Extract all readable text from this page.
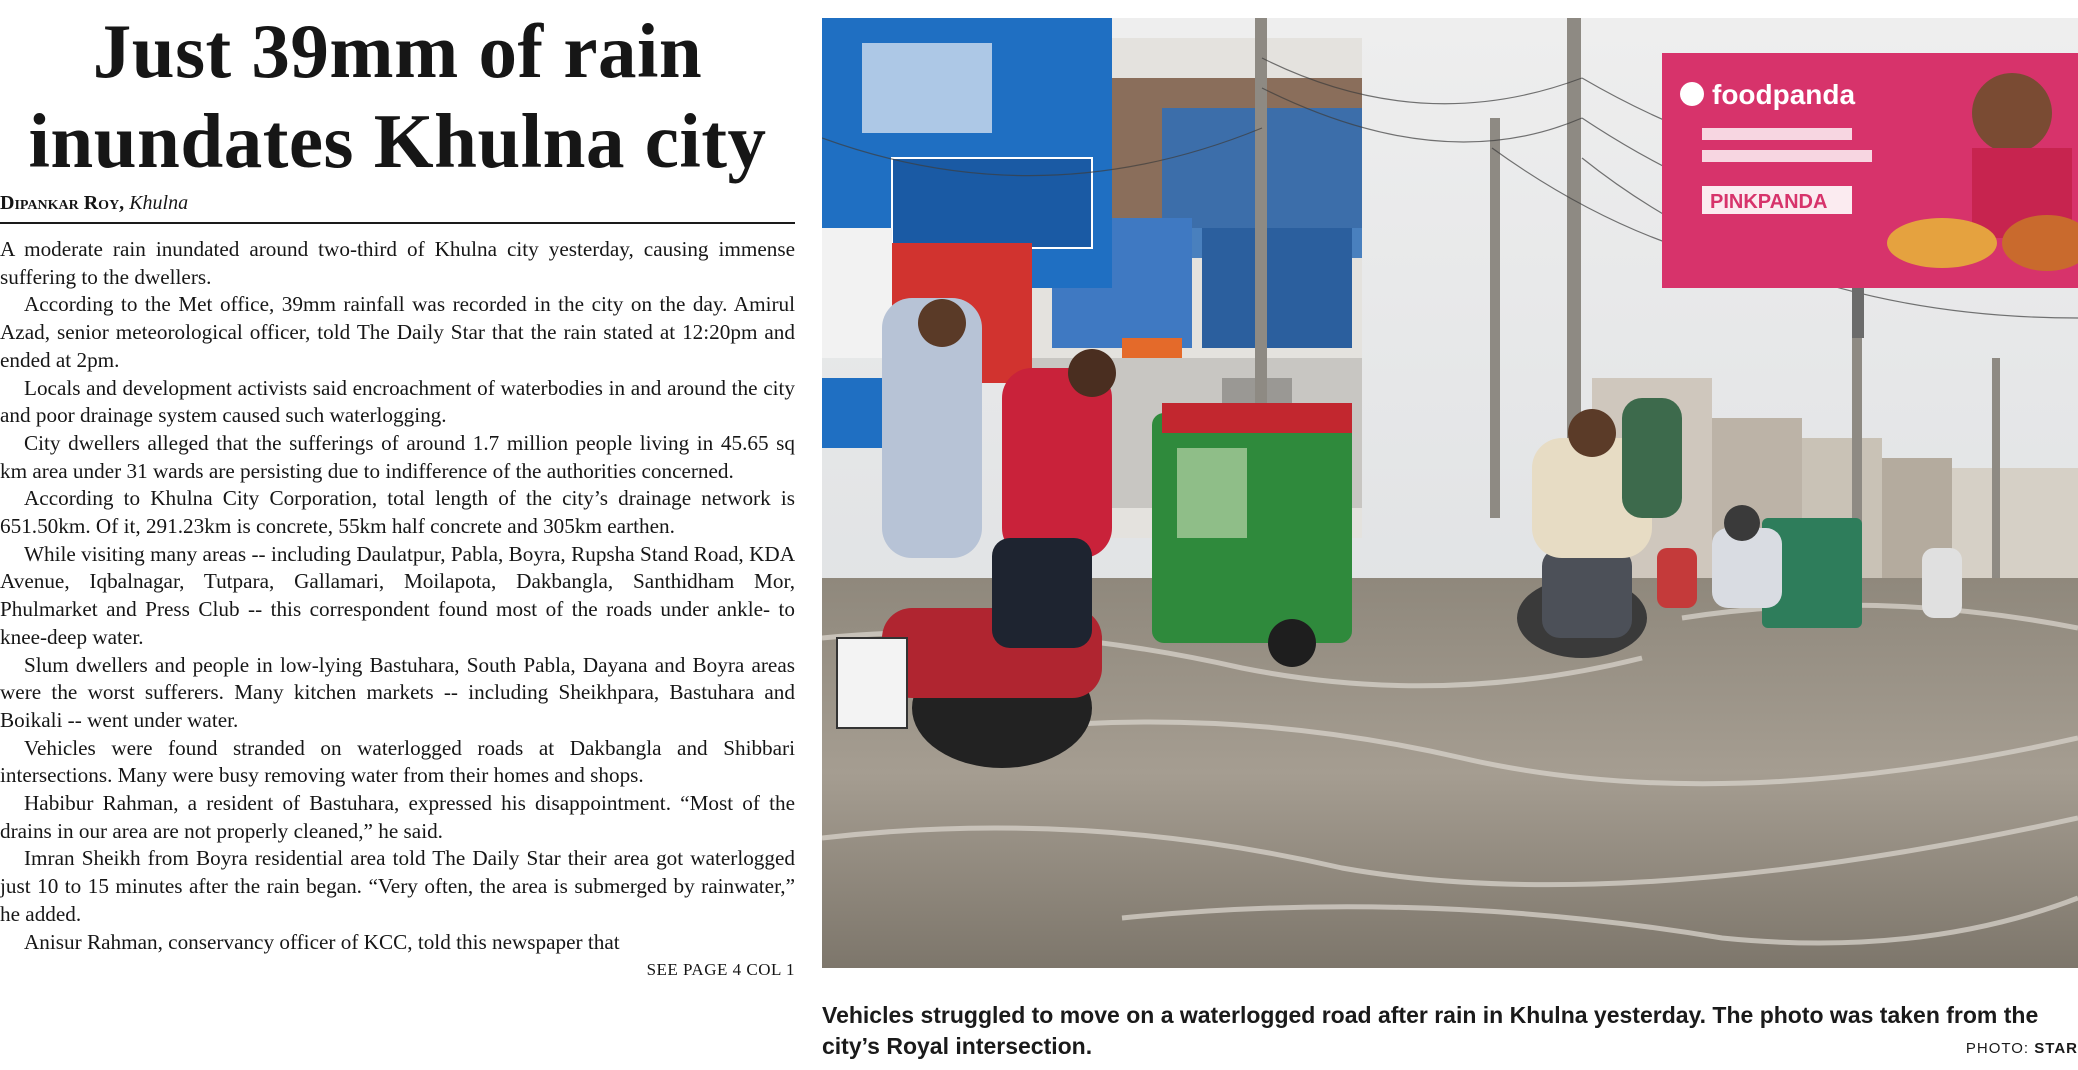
Just 39mm of rain
inundates Khulna city
Dipankar Roy, Khulna

A moderate rain inundated around two-third of Khulna city yesterday, causing immense suffering to the dwellers.

According to the Met office, 39mm rainfall was recorded in the city on the day. Amirul Azad, senior meteorological officer, told The Daily Star that the rain stated at 12:20pm and ended at 2pm.

Locals and development activists said encroachment of waterbodies in and around the city and poor drainage system caused such waterlogging.

City dwellers alleged that the sufferings of around 1.7 million people living in 45.65 sq km area under 31 wards are persisting due to indifference of the authorities concerned.

According to Khulna City Corporation, total length of the city’s drainage network is 651.50km. Of it, 291.23km is concrete, 55km half concrete and 305km earthen.

While visiting many areas -- including Daulatpur, Pabla, Boyra, Rupsha Stand Road, KDA Avenue, Iqbalnagar, Tutpara, Gallamari, Moilapota, Dakbangla, Santhidham Mor, Phulmarket and Press Club -- this correspondent found most of the roads under ankle- to knee-deep water.

Slum dwellers and people in low-lying Bastuhara, South Pabla, Dayana and Boyra areas were the worst sufferers. Many kitchen markets -- including Sheikhpara, Bastuhara and Boikali -- went under water.

Vehicles were found stranded on waterlogged roads at Dakbangla and Shibbari intersections. Many were busy removing water from their homes and shops.

Habibur Rahman, a resident of Bastuhara, expressed his disappointment. “Most of the drains in our area are not properly cleaned,” he said.

Imran Sheikh from Boyra residential area told The Daily Star their area got waterlogged just 10 to 15 minutes after the rain began. “Very often, the area is submerged by rainwater,” he added.

Anisur Rahman, conservancy officer of KCC, told this newspaper that

SEE PAGE 4 COL 1
foodpanda
PINKPANDA
Vehicles struggled to move on a waterlogged road after rain in Khulna yesterday. The photo was taken from the city’s Royal intersection.	PHOTO: STAR
